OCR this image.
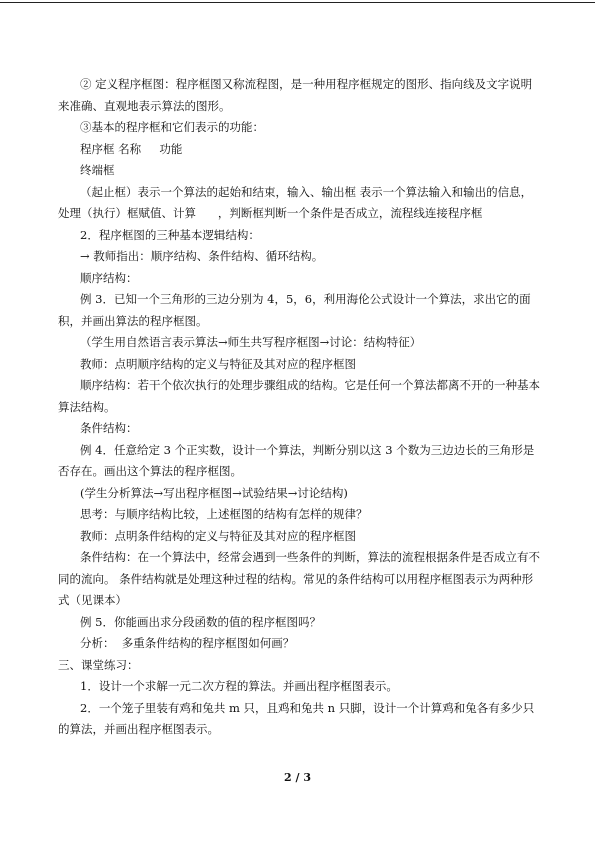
② 定义程序框图：程序框图又称流程图，是一种用程序框规定的图形、指向线及文字说明来准确、直观地表示算法的图形。

③基本的程序框和它们表示的功能：

程序框 名称     功能

终端框

（起止框）表示一个算法的起始和结束，输入、输出框 表示一个算法输入和输出的信息，处理（执行）框赋值、计算      ，判断框判断一个条件是否成立，流程线连接程序框

2．程序框图的三种基本逻辑结构：

→ 教师指出：顺序结构、条件结构、循环结构。

顺序结构：

例 3．已知一个三角形的三边分别为 4，5，6，利用海伦公式设计一个算法，求出它的面积，并画出算法的程序框图。

（学生用自然语言表示算法→师生共写程序框图→讨论：结构特征）

教师：点明顺序结构的定义与特征及其对应的程序框图

顺序结构：若干个依次执行的处理步骤组成的结构。它是任何一个算法都离不开的一种基本算法结构。

条件结构：

例 4．任意给定 3 个正实数，设计一个算法，判断分别以这 3 个数为三边边长的三角形是否存在。画出这个算法的程序框图。

(学生分析算法→写出程序框图→试验结果→讨论结构)

思考：与顺序结构比较，上述框图的结构有怎样的规律？

教师：点明条件结构的定义与特征及其对应的程序框图

条件结构：在一个算法中，经常会遇到一些条件的判断，算法的流程根据条件是否成立有不同的流向。 条件结构就是处理这种过程的结构。常见的条件结构可以用程序框图表示为两种形式（见课本）

例 5．你能画出求分段函数的值的程序框图吗？

分析：  多重条件结构的程序框图如何画？

三、课堂练习：

1．设计一个求解一元二次方程的算法。并画出程序框图表示。

2．一个笼子里装有鸡和兔共 m 只，且鸡和兔共 n 只脚，设计一个计算鸡和兔各有多少只的算法，并画出程序框图表示。

2 / 3
